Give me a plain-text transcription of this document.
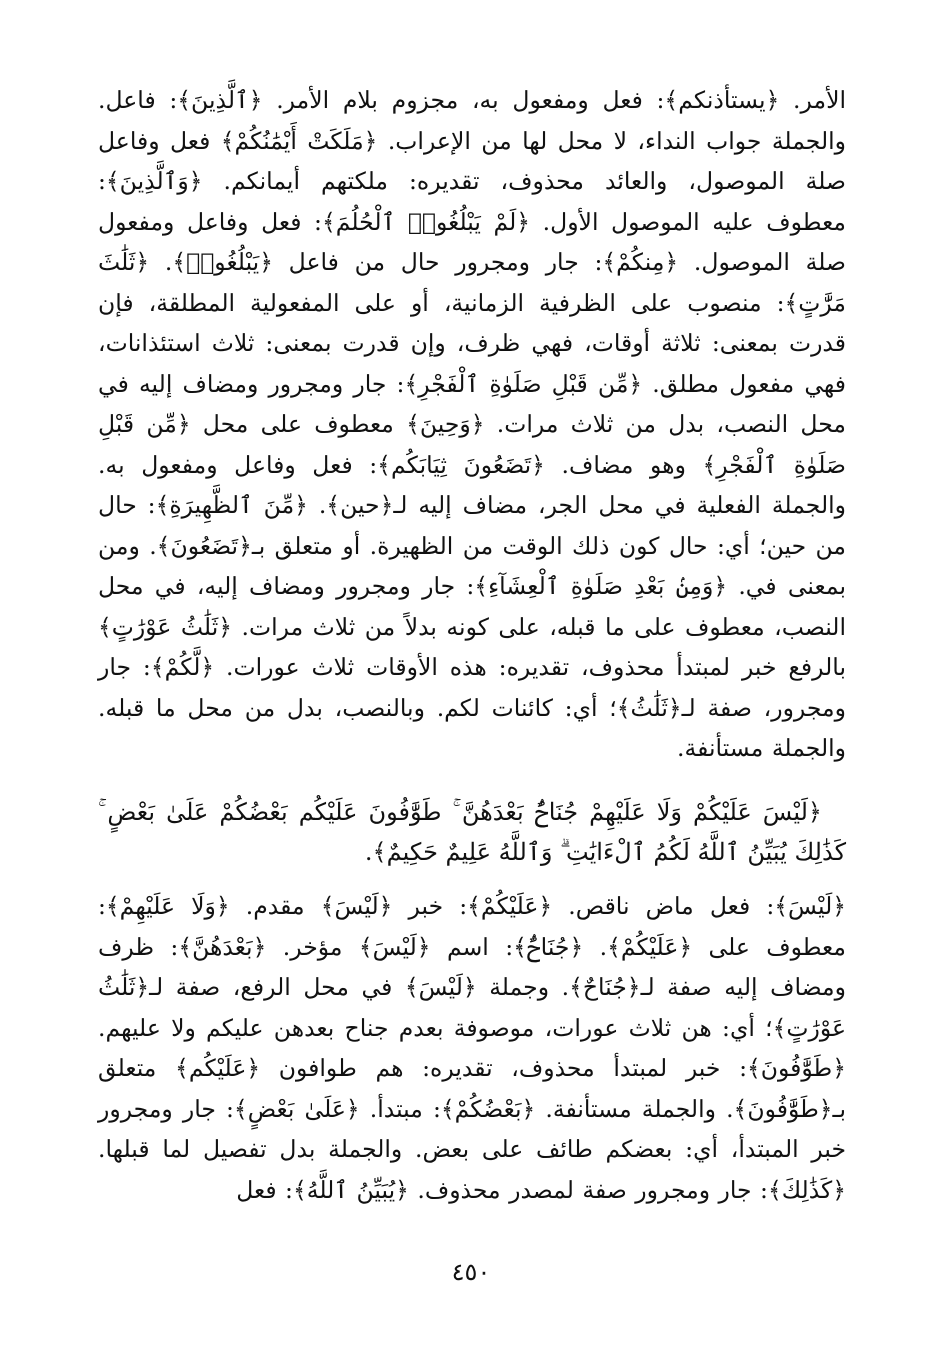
الأمر. ﴿يستأذنكم﴾: فعل ومفعول به، مجزوم بلام الأمر. ﴿ٱلَّذِينَ﴾: فاعل. والجملة جواب النداء، لا محل لها من الإعراب. ﴿مَلَكَتْ أَيْمَٰنُكُمْ﴾ فعل وفاعل صلة الموصول، والعائد محذوف، تقديره: ملكتهم أيمانكم. ﴿وَٱلَّذِينَ﴾: معطوف عليه الموصول الأول. ﴿لَمْ يَبْلُغُوا۟ ٱلْحُلُمَ﴾: فعل وفاعل ومفعول صلة الموصول. ﴿مِنكُمْ﴾: جار ومجرور حال من فاعل ﴿يَبْلُغُوا۟﴾. ﴿ثَلَٰثَ مَرَّٰتٍ﴾: منصوب على الظرفية الزمانية، أو على المفعولية المطلقة، فإن قدرت بمعنى: ثلاثة أوقات، فهي ظرف، وإن قدرت بمعنى: ثلاث استئذانات، فهي مفعول مطلق. ﴿مِّن قَبْلِ صَلَوٰةِ ٱلْفَجْرِ﴾: جار ومجرور ومضاف إليه في محل النصب، بدل من ثلاث مرات. ﴿وَحِينَ﴾ معطوف على محل ﴿مِّن قَبْلِ صَلَوٰةِ ٱلْفَجْرِ﴾ وهو مضاف. ﴿تَضَعُونَ ثِيَابَكُم﴾: فعل وفاعل ومفعول به. والجملة الفعلية في محل الجر، مضاف إليه لـ﴿حين﴾. ﴿مِّنَ ٱلظَّهِيرَةِ﴾: حال من حين؛ أي: حال كون ذلك الوقت من الظهيرة. أو متعلق بـ﴿تَضَعُونَ﴾. ومن بمعنى في. ﴿وَمِنۢ بَعْدِ صَلَوٰةِ ٱلْعِشَآءِ﴾: جار ومجرور ومضاف إليه، في محل النصب، معطوف على ما قبله، على كونه بدلاً من ثلاث مرات. ﴿ثَلَٰثُ عَوْرَٰتٍ﴾ بالرفع خبر لمبتدأ محذوف، تقديره: هذه الأوقات ثلاث عورات. ﴿لَّكُمْ﴾: جار ومجرور، صفة لـ﴿ثَلَٰثُ﴾؛ أي: كائنات لكم. وبالنصب، بدل من محل ما قبله. والجملة مستأنفة.

﴿لَيْسَ عَلَيْكُمْ وَلَا عَلَيْهِمْ جُنَاحٌۢ بَعْدَهُنَّ ۚ طَوَّٰفُونَ عَلَيْكُم بَعْضُكُمْ عَلَىٰ بَعْضٍ ۚ كَذَٰلِكَ يُبَيِّنُ ٱللَّهُ لَكُمُ ٱلْءَايَٰتِ ۗ وَٱللَّهُ عَلِيمٌ حَكِيمٌ﴾.

﴿لَيْسَ﴾: فعل ماض ناقص. ﴿عَلَيْكُمْ﴾: خبر ﴿لَيْسَ﴾ مقدم. ﴿وَلَا عَلَيْهِمْ﴾: معطوف على ﴿عَلَيْكُمْ﴾. ﴿جُنَاحٌۢ﴾: اسم ﴿لَيْسَ﴾ مؤخر. ﴿بَعْدَهُنَّ﴾: ظرف ومضاف إليه صفة لـ﴿جُنَاحٌ﴾. وجملة ﴿لَيْسَ﴾ في محل الرفع، صفة لـ﴿ثَلَٰثُ عَوْرَٰتٍ﴾؛ أي: هن ثلاث عورات، موصوفة بعدم جناح بعدهن عليكم ولا عليهم. ﴿طَوَّٰفُونَ﴾: خبر لمبتدأ محذوف، تقديره: هم طوافون ﴿عَلَيْكُم﴾ متعلق بـ﴿طَوَّٰفُونَ﴾. والجملة مستأنفة. ﴿بَعْضُكُمْ﴾: مبتدأ. ﴿عَلَىٰ بَعْضٍ﴾: جار ومجرور خبر المبتدأ، أي: بعضكم طائف على بعض. والجملة بدل تفصيل لما قبلها. ﴿كَذَٰلِكَ﴾: جار ومجرور صفة لمصدر محذوف. ﴿يُبَيِّنُ ٱللَّهُ﴾: فعل

٤٥٠
